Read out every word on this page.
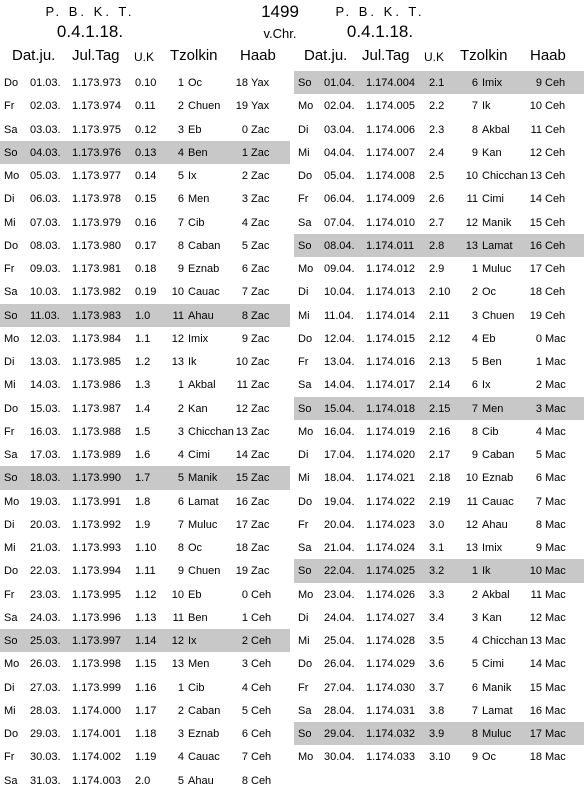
P. B. K. T.
0.4.1.18.
1499
v.Chr.
P. B. K. T.
0.4.1.18.
Dat.ju. Jul.Tag U.K Tzolkin Haab Dat.ju. Jul.Tag U.K Tzolkin Haab
Do 01.03. 1.173.973 0.10	1 Oc	18 Yax
Fr 02.03. 1.173.974 0.11	2 Chuen	19 Yax
Sa 03.03. 1.173.975 0.12	3 Eb	0 Zac
So 04.03. 1.173.976 0.13	4 Ben	1 Zac
Mo 05.03. 1.173.977 0.14	5 Ix	2 Zac
Di 06.03. 1.173.978 0.15	6 Men	3 Zac
Mi 07.03. 1.173.979 0.16	7 Cib	4 Zac
Do 08.03. 1.173.980 0.17	8 Caban	5 Zac
Fr 09.03. 1.173.981 0.18	9 Eznab	6 Zac
Sa 10.03. 1.173.982 0.19	10 Cauac	7 Zac
So 11.03. 1.173.983 1.0	11 Ahau	8 Zac
Mo 12.03. 1.173.984 1.1	12 Imix	9 Zac
Di 13.03. 1.173.985 1.2	13 Ik	10 Zac
Mi 14.03. 1.173.986 1.3	1 Akbal	11 Zac
Do 15.03. 1.173.987 1.4	2 Kan	12 Zac
Fr 16.03. 1.173.988 1.5	3 Chicchan 13 Zac
Sa 17.03. 1.173.989 1.6	4 Cimi	14 Zac
So 18.03. 1.173.990 1.7	5 Manik	15 Zac
Mo 19.03. 1.173.991 1.8	6 Lamat	16 Zac
Di 20.03. 1.173.992 1.9	7 Muluc	17 Zac
Mi 21.03. 1.173.993 1.10	8 Oc	18 Zac
Do 22.03. 1.173.994 1.11	9 Chuen	19 Zac
Fr 23.03. 1.173.995 1.12	10 Eb	0 Ceh
Sa 24.03. 1.173.996 1.13	11 Ben	1 Ceh
So 25.03. 1.173.997 1.14	12 Ix	2 Ceh
Mo 26.03. 1.173.998 1.15	13 Men	3 Ceh
Di 27.03. 1.173.999 1.16	1 Cib	4 Ceh
Mi 28.03. 1.174.000 1.17	2 Caban	5 Ceh
Do 29.03. 1.174.001 1.18	3 Eznab	6 Ceh
Fr 30.03. 1.174.002 1.19	4 Cauac	7 Ceh
Sa 31.03. 1.174.003 2.0	5 Ahau	8 Ceh
So 01.04. 1.174.004 2.1	6 Imix	9 Ceh
Mo 02.04. 1.174.005 2.2	7 Ik	10 Ceh
Di 03.04. 1.174.006 2.3	8 Akbal	11 Ceh
Mi 04.04. 1.174.007 2.4	9 Kan	12 Ceh
Do 05.04. 1.174.008 2.5	10 Chicchan 13 Ceh
Fr 06.04. 1.174.009 2.6	11 Cimi	14 Ceh
Sa 07.04. 1.174.010 2.7	12 Manik	15 Ceh
So 08.04. 1.174.011 2.8	13 Lamat	16 Ceh
Mo 09.04. 1.174.012 2.9	1 Muluc	17 Ceh
Di 10.04. 1.174.013 2.10	2 Oc	18 Ceh
Mi 11.04. 1.174.014 2.11	3 Chuen	19 Ceh
Do 12.04. 1.174.015 2.12	4 Eb	0 Mac
Fr 13.04. 1.174.016 2.13	5 Ben	1 Mac
Sa 14.04. 1.174.017 2.14	6 Ix	2 Mac
So 15.04. 1.174.018 2.15	7 Men	3 Mac
Mo 16.04. 1.174.019 2.16	8 Cib	4 Mac
Di 17.04. 1.174.020 2.17	9 Caban	5 Mac
Mi 18.04. 1.174.021 2.18	10 Eznab	6 Mac
Do 19.04. 1.174.022 2.19	11 Cauac	7 Mac
Fr 20.04. 1.174.023 3.0	12 Ahau	8 Mac
Sa 21.04. 1.174.024 3.1	13 Imix	9 Mac
So 22.04. 1.174.025 3.2	1 Ik	10 Mac
Mo 23.04. 1.174.026 3.3	2 Akbal	11 Mac
Di 24.04. 1.174.027 3.4	3 Kan	12 Mac
Mi 25.04. 1.174.028 3.5	4 Chicchan 13 Mac
Do 26.04. 1.174.029 3.6	5 Cimi	14 Mac
Fr 27.04. 1.174.030 3.7	6 Manik	15 Mac
Sa 28.04. 1.174.031 3.8	7 Lamat	16 Mac
So 29.04. 1.174.032 3.9	8 Muluc	17 Mac
Mo 30.04. 1.174.033 3.10	9 Oc	18 Mac
